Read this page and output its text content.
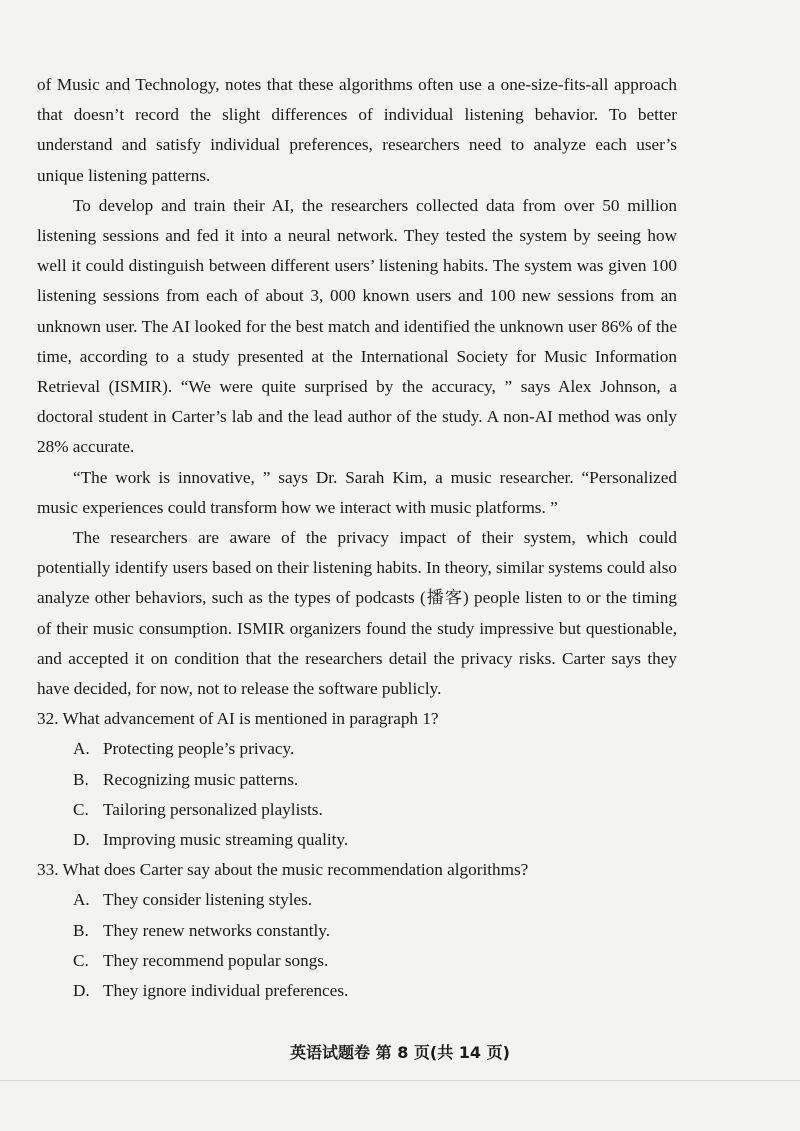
of Music and Technology, notes that these algorithms often use a one-size-fits-all approach that doesn’t record the slight differences of individual listening behavior. To better understand and satisfy individual preferences, researchers need to analyze each user’s unique listening patterns.

To develop and train their AI, the researchers collected data from over 50 million listening sessions and fed it into a neural network. They tested the system by seeing how well it could distinguish between different users’ listening habits. The system was given 100 listening sessions from each of about 3, 000 known users and 100 new sessions from an unknown user. The AI looked for the best match and identified the unknown user 86% of the time, according to a study presented at the International Society for Music Information Retrieval (ISMIR). “We were quite surprised by the accuracy, ” says Alex Johnson, a doctoral student in Carter’s lab and the lead author of the study. A non-AI method was only 28% accurate.

“The work is innovative, ” says Dr. Sarah Kim, a music researcher. “Personalized music experiences could transform how we interact with music platforms. ”

The researchers are aware of the privacy impact of their system, which could potentially identify users based on their listening habits. In theory, similar systems could also analyze other behaviors, such as the types of podcasts (播客) people listen to or the timing of their music consumption. ISMIR organizers found the study impressive but questionable, and accepted it on condition that the researchers detail the privacy risks. Carter says they have decided, for now, not to release the software publicly.

32. What advancement of AI is mentioned in paragraph 1?

A. Protecting people’s privacy.
B. Recognizing music patterns.
C. Tailoring personalized playlists.
D. Improving music streaming quality.

33. What does Carter say about the music recommendation algorithms?

A. They consider listening styles.
B. They renew networks constantly.
C. They recommend popular songs.
D. They ignore individual preferences.
英语试题卷 第 8 页(共 14 页)
